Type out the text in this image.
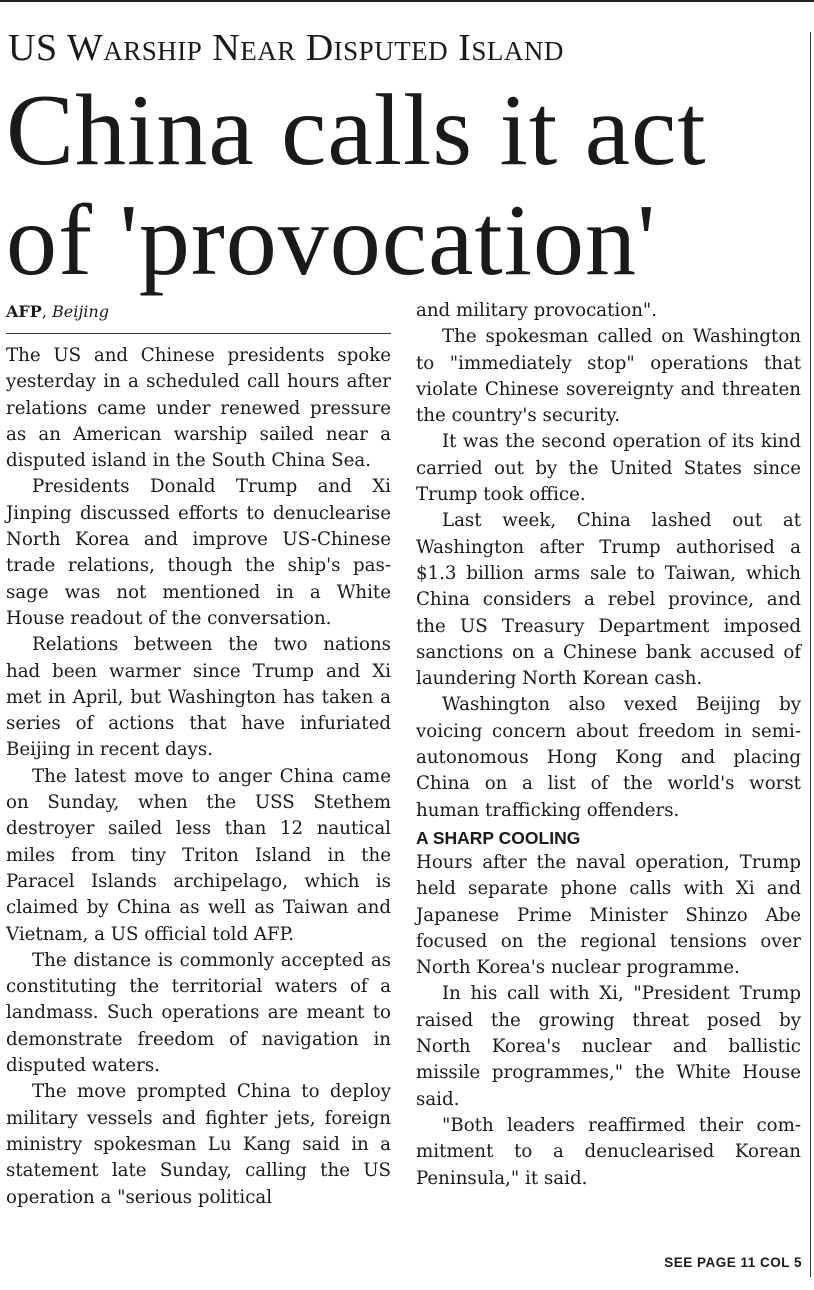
US Warship Near Disputed Island
China calls it act of 'provocation'
AFP, Beijing

The US and Chinese presidents spoke yesterday in a scheduled call hours after relations came under renewed pressure as an American warship sailed near a disputed island in the South China Sea.

Presidents Donald Trump and Xi Jinping discussed efforts to denuclearise North Korea and improve US-Chinese trade relations, though the ship's pas-sage was not mentioned in a White House readout of the conversation.

Relations between the two nations had been warmer since Trump and Xi met in April, but Washington has taken a series of actions that have infuriated Beijing in recent days.

The latest move to anger China came on Sunday, when the USS Stethem destroyer sailed less than 12 nautical miles from tiny Triton Island in the Paracel Islands archipelago, which is claimed by China as well as Taiwan and Vietnam, a US official told AFP.

The distance is commonly accepted as constituting the territorial waters of a landmass. Such operations are meant to demonstrate freedom of navigation in disputed waters.

The move prompted China to deploy military vessels and fighter jets, foreign ministry spokesman Lu Kang said in a statement late Sunday, calling the US operation a "serious political

and military provocation".

The spokesman called on Washington to "immediately stop" operations that violate Chinese sovereignty and threaten the country's security.

It was the second operation of its kind carried out by the United States since Trump took office.

Last week, China lashed out at Washington after Trump authorised a $1.3 billion arms sale to Taiwan, which China considers a rebel province, and the US Treasury Department imposed sanctions on a Chinese bank accused of laundering North Korean cash.

Washington also vexed Beijing by voicing concern about freedom in semi-autonomous Hong Kong and placing China on a list of the world's worst human trafficking offenders.

A SHARP COOLING

Hours after the naval operation, Trump held separate phone calls with Xi and Japanese Prime Minister Shinzo Abe focused on the regional tensions over North Korea's nuclear programme.

In his call with Xi, "President Trump raised the growing threat posed by North Korea's nuclear and ballistic missile programmes," the White House said.

"Both leaders reaffirmed their com-mitment to a denuclearised Korean Peninsula," it said.

SEE PAGE 11 COL 5
